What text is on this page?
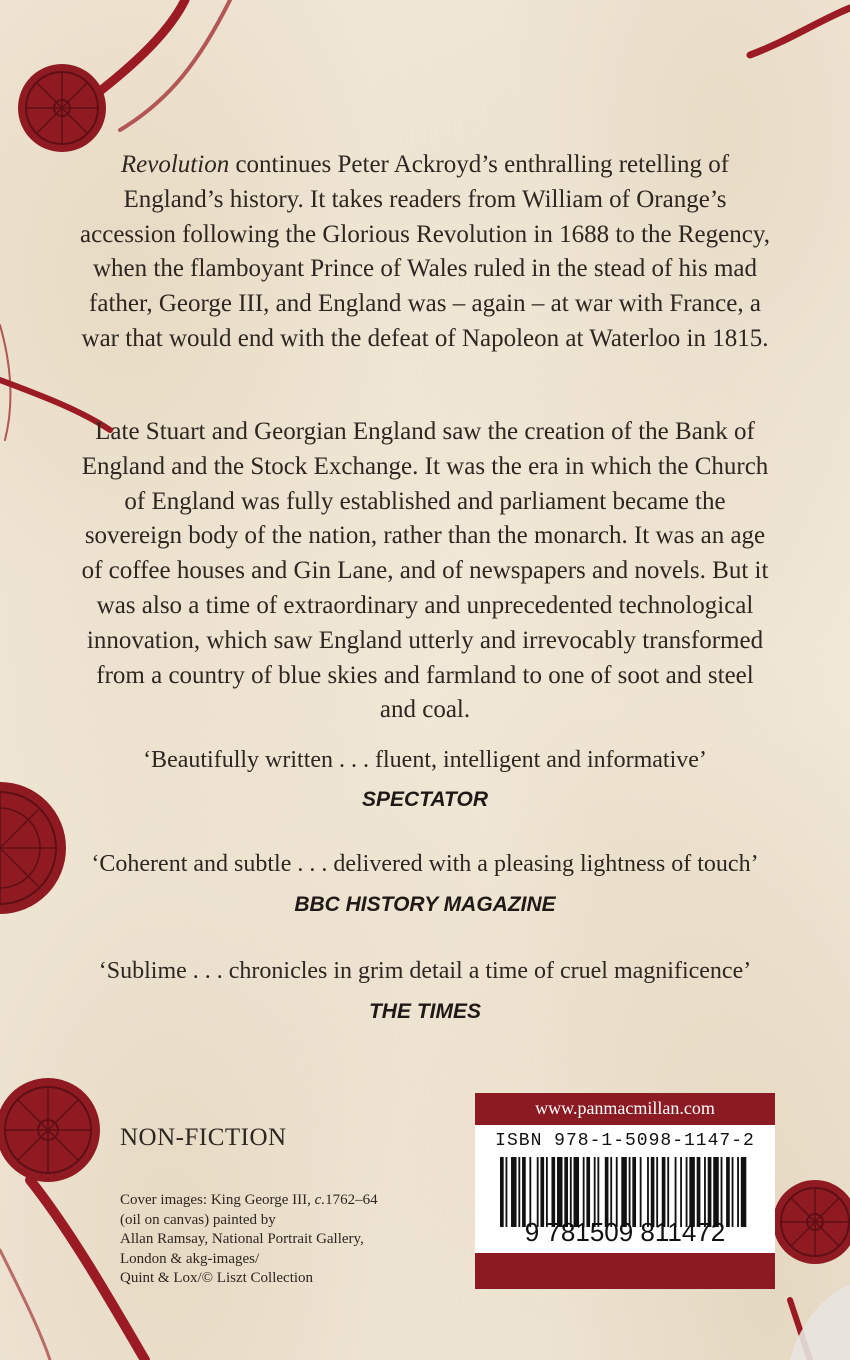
Revolution continues Peter Ackroyd’s enthralling retelling of England’s history. It takes readers from William of Orange’s accession following the Glorious Revolution in 1688 to the Regency, when the flamboyant Prince of Wales ruled in the stead of his mad father, George III, and England was – again – at war with France, a war that would end with the defeat of Napoleon at Waterloo in 1815.
Late Stuart and Georgian England saw the creation of the Bank of England and the Stock Exchange. It was the era in which the Church of England was fully established and parliament became the sovereign body of the nation, rather than the monarch. It was an age of coffee houses and Gin Lane, and of newspapers and novels. But it was also a time of extraordinary and unprecedented technological innovation, which saw England utterly and irrevocably transformed from a country of blue skies and farmland to one of soot and steel and coal.
‘Beautifully written . . . fluent, intelligent and informative’
SPECTATOR
‘Coherent and subtle . . . delivered with a pleasing lightness of touch’
BBC HISTORY MAGAZINE
‘Sublime . . . chronicles in grim detail a time of cruel magnificence’
THE TIMES
NON-FICTION
Cover images: King George III, c.1762–64
(oil on canvas) painted by
Allan Ramsay, National Portrait Gallery,
London & akg-images/
Quint & Lox/© Liszt Collection
www.panmacmillan.com
ISBN 978-1-5098-1147-2
9 781509 811472
